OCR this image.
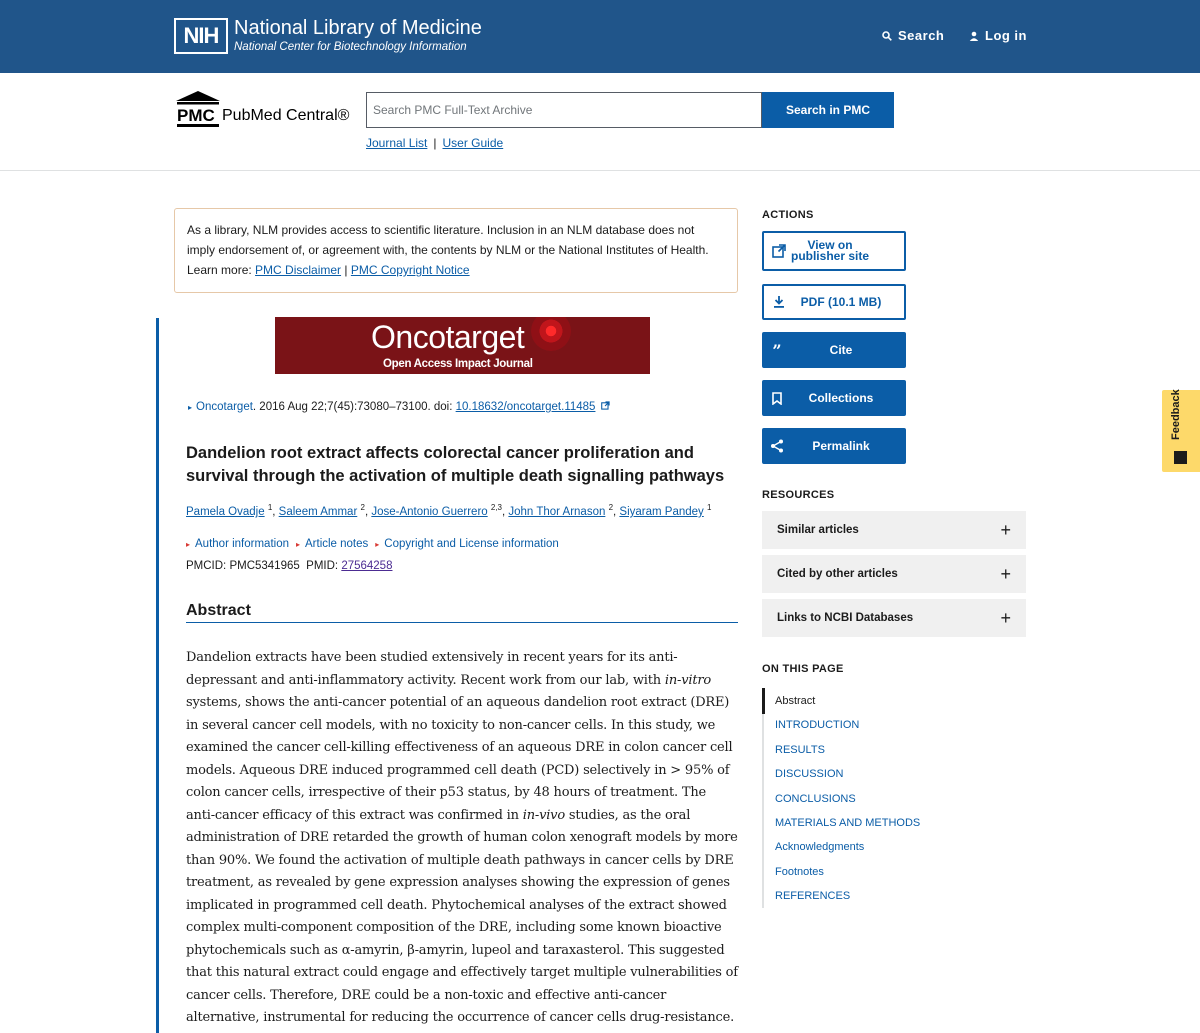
NIH National Library of Medicine
National Center for Biotechnology Information
Search	Log in
PMC PubMed Central®
Search PMC Full-Text Archive	Search in PMC
Journal List | User Guide
As a library, NLM provides access to scientific literature. Inclusion in an NLM database does not imply endorsement of, or agreement with, the contents by NLM or the National Institutes of Health. Learn more: PMC Disclaimer | PMC Copyright Notice
Oncotarget
Open Access Impact Journal
▸ Oncotarget. 2016 Aug 22;7(45):73080–73100. doi: 10.18632/oncotarget.11485
Dandelion root extract affects colorectal cancer proliferation and survival through the activation of multiple death signalling pathways
Pamela Ovadje $^1$, Saleem Ammar $^2$, Jose-Antonio Guerrero $^{2,3}$, John Thor Arnason $^2$, Siyaram Pandey $^1$
▸ Author information ▸ Article notes ▸ Copyright and License information
PMCID: PMC5341965  PMID: 27564258
Abstract

Dandelion extracts have been studied extensively in recent years for its anti-depressant and anti-inflammatory activity. Recent work from our lab, with in-vitro systems, shows the anti-cancer potential of an aqueous dandelion root extract (DRE) in several cancer cell models, with no toxicity to non-cancer cells. In this study, we examined the cancer cell-killing effectiveness of an aqueous DRE in colon cancer cell models. Aqueous DRE induced programmed cell death (PCD) selectively in > 95% of colon cancer cells, irrespective of their p53 status, by 48 hours of treatment. The anti-cancer efficacy of this extract was confirmed in in-vivo studies, as the oral administration of DRE retarded the growth of human colon xenograft models by more than 90%. We found the activation of multiple death pathways in cancer cells by DRE treatment, as revealed by gene expression analyses showing the expression of genes implicated in programmed cell death. Phytochemical analyses of the extract showed complex multi-component composition of the DRE, including some known bioactive phytochemicals such as α-amyrin, β-amyrin, lupeol and taraxasterol. This suggested that this natural extract could engage and effectively target multiple vulnerabilities of cancer cells. Therefore, DRE could be a non-toxic and effective anti-cancer alternative, instrumental for reducing the occurrence of cancer cells drug-resistance.

ACTIONS
View on publisher site
PDF (10.1 MB)
”	Cite
Collections
Permalink
RESOURCES
Similar articles	+
Cited by other articles	+
Links to NCBI Databases	+
ON THIS PAGE
Abstract
INTRODUCTION
RESULTS
DISCUSSION
CONCLUSIONS
MATERIALS AND METHODS
Acknowledgments
Footnotes
REFERENCES
Feedback
